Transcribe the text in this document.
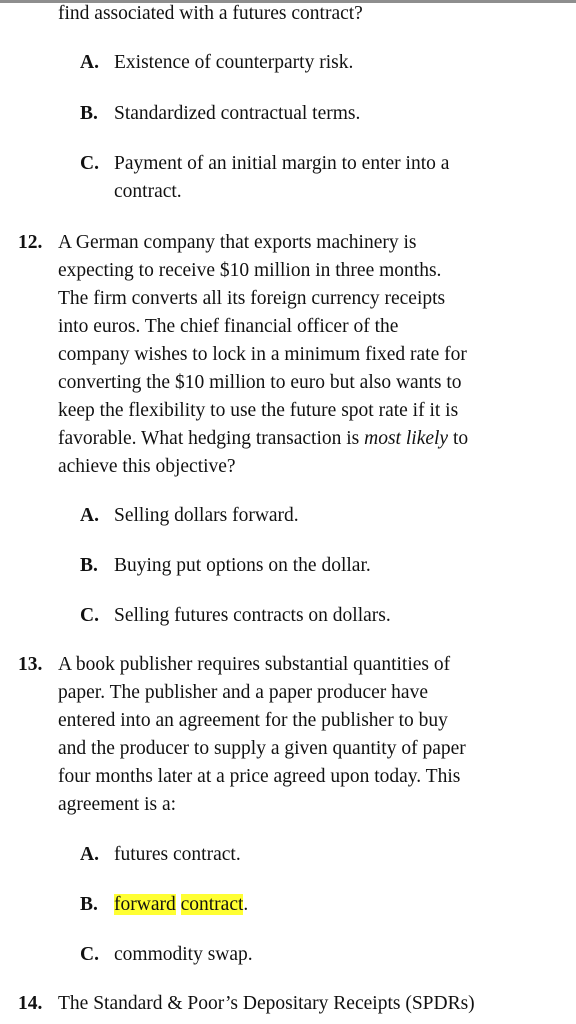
find associated with a futures contract?
A. Existence of counterparty risk.
B. Standardized contractual terms.
C. Payment of an initial margin to enter into a
contract.
12. A German company that exports machinery is
expecting to receive $10 million in three months.
The firm converts all its foreign currency receipts
into euros. The chief financial officer of the
company wishes to lock in a minimum fixed rate for
converting the $10 million to euro but also wants to
keep the flexibility to use the future spot rate if it is
favorable. What hedging transaction is most likely to
achieve this objective?
A. Selling dollars forward.
B. Buying put options on the dollar.
C. Selling futures contracts on dollars.
13. A book publisher requires substantial quantities of
paper. The publisher and a paper producer have
entered into an agreement for the publisher to buy
and the producer to supply a given quantity of paper
four months later at a price agreed upon today. This
agreement is a:
A. futures contract.
B. forward contract.
C. commodity swap.
14. The Standard & Poor’s Depositary Receipts (SPDRs)
